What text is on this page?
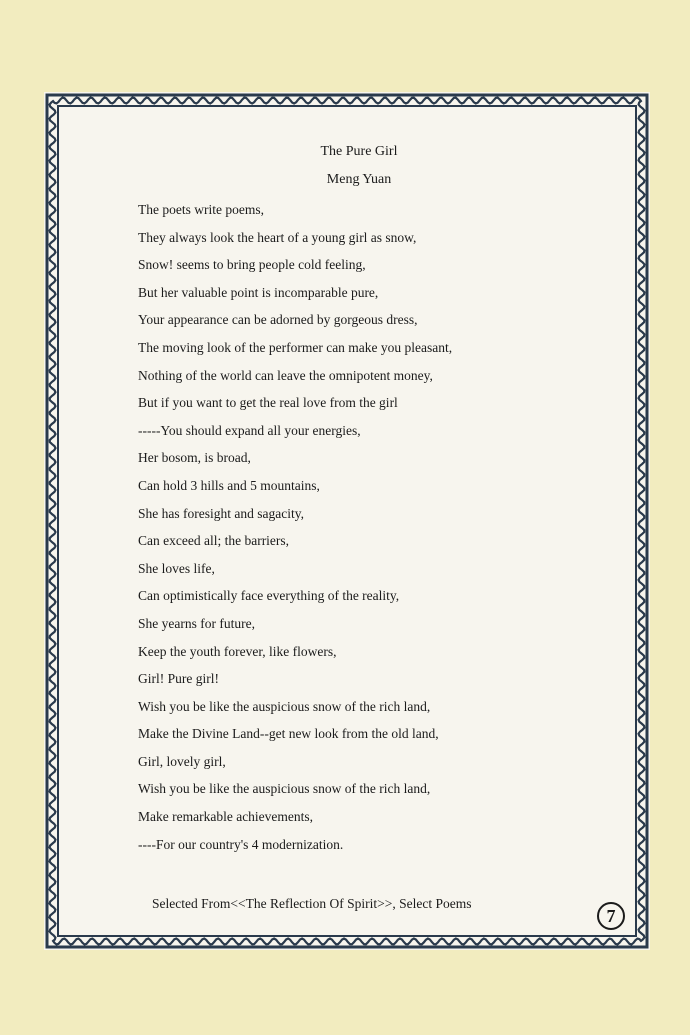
The Pure Girl
Meng Yuan
The poets write poems,
They always look the heart of a young girl as snow,
Snow! seems to bring people cold feeling,
But her valuable point is incomparable pure,
Your appearance can be adorned by gorgeous dress,
The moving look of the performer can make you pleasant,
Nothing of the world can leave the omnipotent money,
But if you want to get the real love from the girl
-----You should expand all your energies,
Her bosom, is broad,
Can hold 3 hills and 5 mountains,
She has foresight and sagacity,
Can exceed all; the barriers,
She loves life,
Can optimistically face everything of the reality,
She yearns for future,
Keep the youth forever, like flowers,
Girl! Pure girl!
Wish you be like the auspicious snow of the rich land,
Make the Divine Land--get new look from the old land,
Girl, lovely girl,
Wish you be like the auspicious snow of the rich land,
Make remarkable achievements,
----For our country's 4 modernization.
Selected From<<The Reflection Of Spirit>>, Select Poems
7
